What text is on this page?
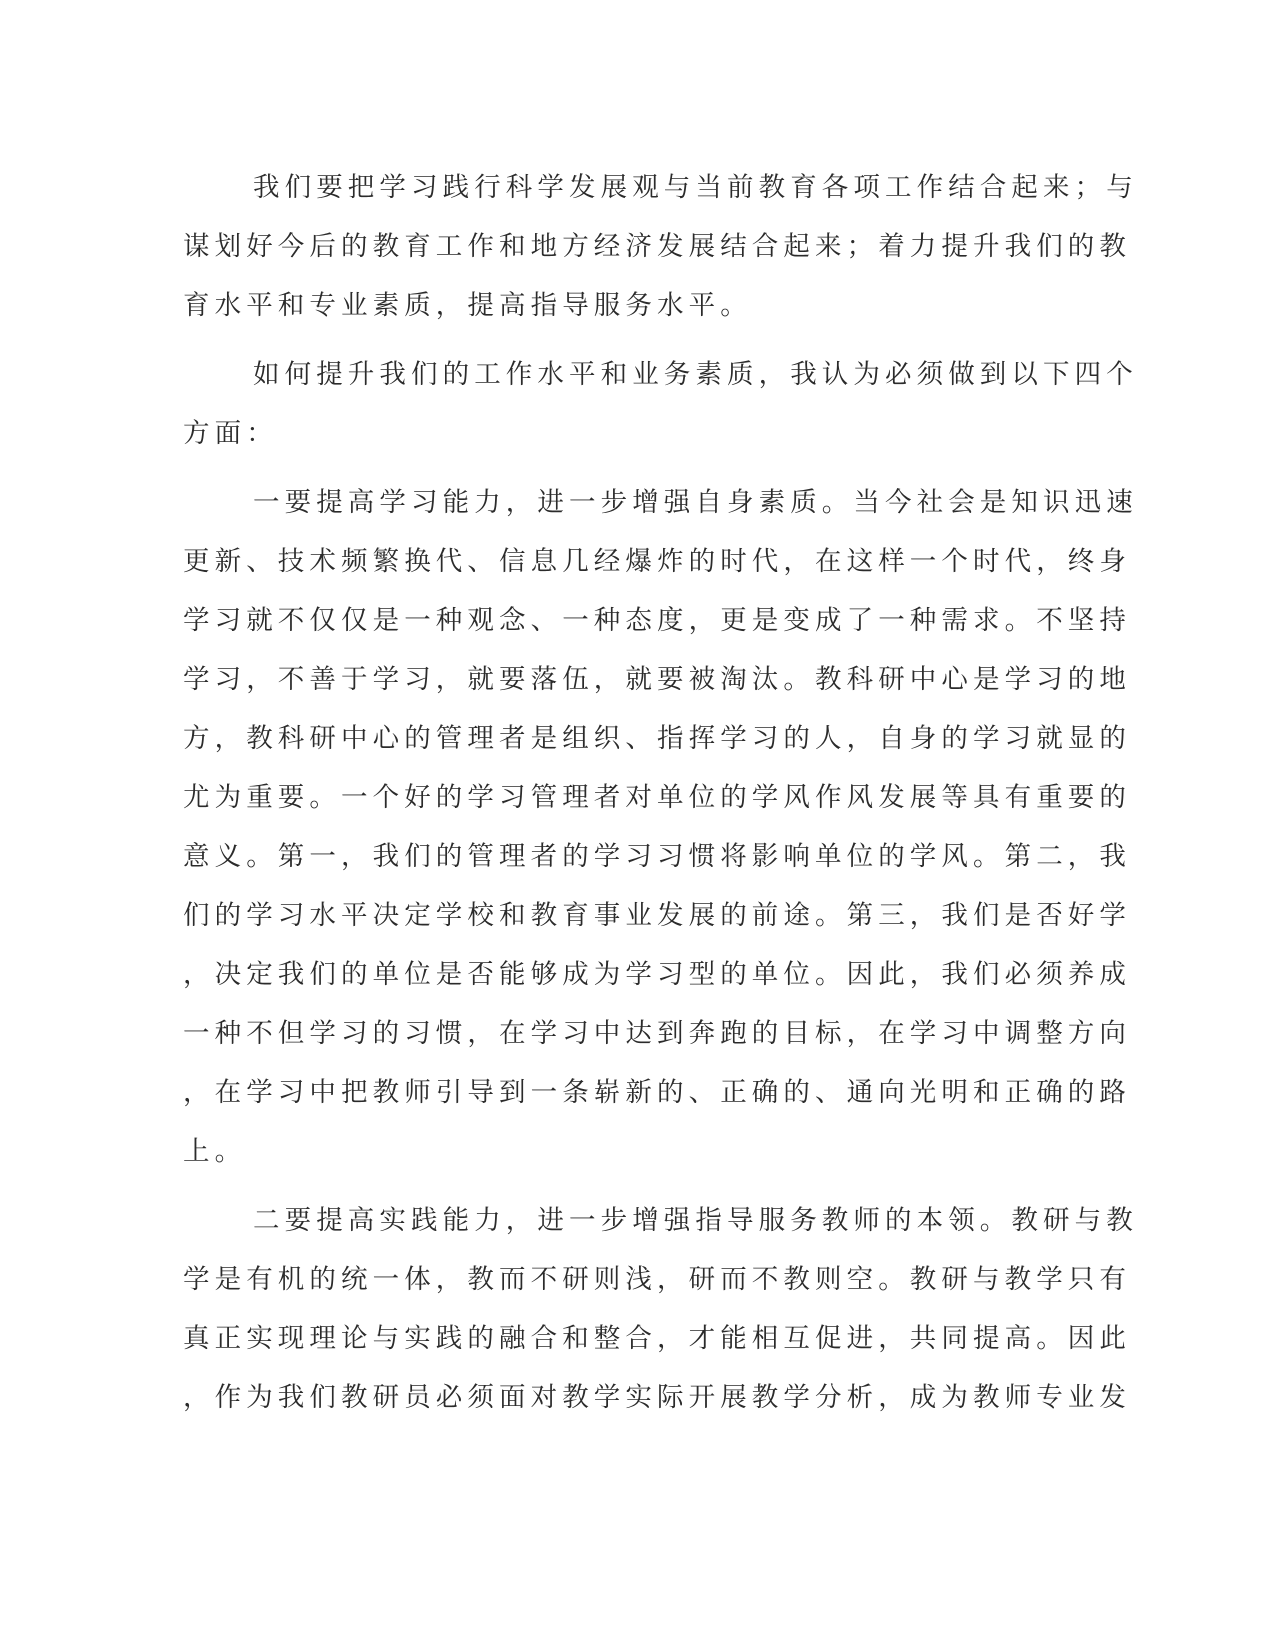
我们要把学习践行科学发展观与当前教育各项工作结合起来；与
谋划好今后的教育工作和地方经济发展结合起来；着力提升我们的教
育水平和专业素质，提高指导服务水平。
如何提升我们的工作水平和业务素质，我认为必须做到以下四个
方面：
一要提高学习能力，进一步增强自身素质。当今社会是知识迅速
更新、技术频繁换代、信息几经爆炸的时代，在这样一个时代，终身
学习就不仅仅是一种观念、一种态度，更是变成了一种需求。不坚持
学习，不善于学习，就要落伍，就要被淘汰。教科研中心是学习的地
方，教科研中心的管理者是组织、指挥学习的人，自身的学习就显的
尤为重要。一个好的学习管理者对单位的学风作风发展等具有重要的
意义。第一，我们的管理者的学习习惯将影响单位的学风。第二，我
们的学习水平决定学校和教育事业发展的前途。第三，我们是否好学
，决定我们的单位是否能够成为学习型的单位。因此，我们必须养成
一种不但学习的习惯，在学习中达到奔跑的目标，在学习中调整方向
，在学习中把教师引导到一条崭新的、正确的、通向光明和正确的路
上。
二要提高实践能力，进一步增强指导服务教师的本领。教研与教
学是有机的统一体，教而不研则浅，研而不教则空。教研与教学只有
真正实现理论与实践的融合和整合，才能相互促进，共同提高。因此
，作为我们教研员必须面对教学实际开展教学分析，成为教师专业发
